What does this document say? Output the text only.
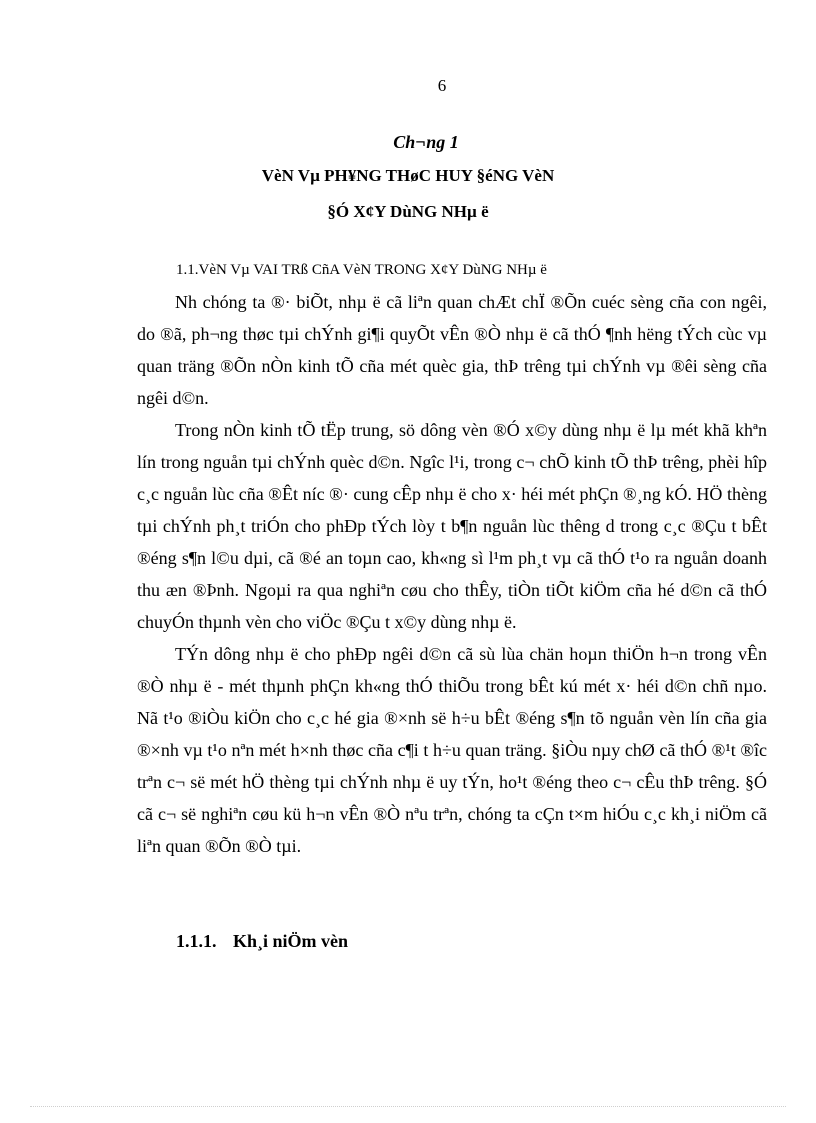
6
Ch¬ng 1
VèN Vµ PH¥NG THøC HUY §éNG VèN
§Ó X¢Y DùNG NHµ ë
1.1.VèN Vµ VAI TRß CñA VèN TRONG X¢Y DùNG NHµ ë

Nh chóng ta ®· biÕt, nhµ ë cã liªn quan chÆt chÏ ®Õn cuéc sèng cña con ngêi, do ®ã, ph¬ng thøc tµi chÝnh gi¶i quyÕt vÊn ®Ò nhµ ë cã thÓ ¶nh hëng tÝch cùc vµ quan träng ®Õn nÒn kinh tÕ cña mét quèc gia, thÞ trêng tµi chÝnh vµ ®êi sèng cña ngêi d©n.

Trong nÒn kinh tÕ tËp trung, sö dông vèn ®Ó x©y dùng nhµ ë lµ mét khã khªn lín trong nguån tµi chÝnh quèc d©n. Ngîc l¹i, trong c¬ chÕ kinh tÕ thÞ trêng, phèi hîp c¸c nguån lùc cña ®Êt níc ®· cung cÊp nhµ ë cho x· héi mét phÇn ®¸ng kÓ. HÖ thèng tµi chÝnh ph¸t triÓn cho phÐp tÝch lòy t b¶n nguån lùc thêng d trong c¸c ®Çu t bÊt ®éng s¶n l©u dµi, cã ®é an toµn cao, kh«ng sì l¹m ph¸t vµ cã thÓ t¹o ra nguån doanh thu æn ®Þnh. Ngoµi ra qua nghiªn cøu cho thÊy, tiÒn tiÕt kiÖm cña hé d©n cã thÓ chuyÓn thµnh vèn cho viÖc ®Çu t x©y dùng nhµ ë.

TÝn dông nhµ ë cho phÐp ngêi d©n cã sù lùa chän hoµn thiÖn h¬n trong vÊn ®Ò nhµ ë - mét thµnh phÇn kh«ng thÓ thiÕu trong bÊt kú mét x· héi d©n chñ nµo. Nã t¹o ®iÒu kiÖn cho c¸c hé gia ®×nh së h÷u bÊt ®éng s¶n tõ nguån vèn lín cña gia ®×nh vµ t¹o nªn mét h×nh thøc cña c¶i t h÷u quan träng. §iÒu nµy chØ cã thÓ ®¹t ®îc trªn c¬ së mét hÖ thèng tµi chÝnh nhµ ë uy tÝn, ho¹t ®éng theo c¬ cÊu thÞ trêng. §Ó cã c¬ së nghiªn cøu kü h¬n vÊn ®Ò nªu trªn, chóng ta cÇn t×m hiÓu c¸c kh¸i niÖm cã liªn quan ®Õn ®Ò tµi.

1.1.1. Kh¸i niÖm vèn
